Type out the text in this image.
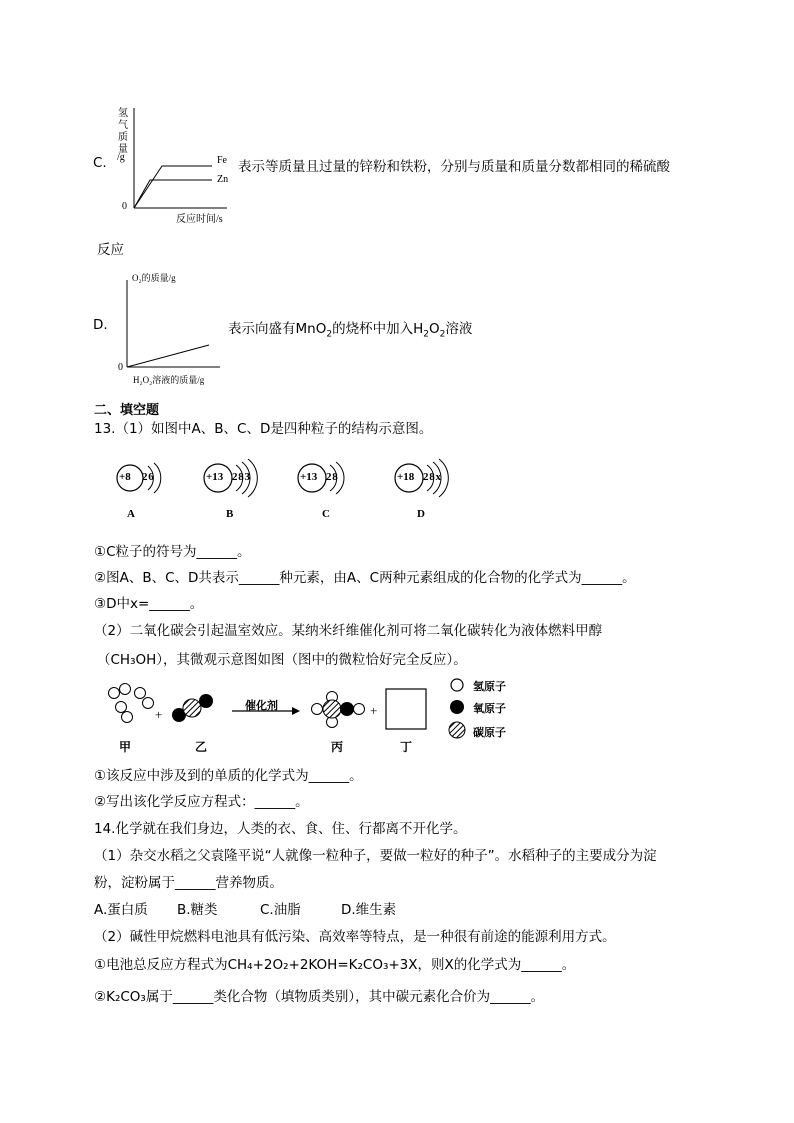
氢
气
质
量
/g
0
反应时间/s
Fe
Zn
C.	表示等质量且过量的锌粉和铁粉，分别与质量和质量分数都相同的稀硫酸
反应
O₂的质量/g
0
H₂O₂溶液的质量/g
D.	表示向盛有MnO$_2$的烧杯中加入$H_2O_2$溶液
二、填空题
13.（1）如图中A、B、C、D是四种粒子的结构示意图。
+8 2 6
A
+13 2 8 3
B
+13 2 8
C
+18 2 8 x
D
①C粒子的符号为______。
②图A、B、C、D共表示______种元素，由A、C两种元素组成的化合物的化学式为______。
③D中x=______。
（2）二氧化碳会引起温室效应。某纳米纤维催化剂可将二氧化碳转化为液体燃料甲醇
（CH₃OH），其微观示意图如图（图中的微粒恰好完全反应）。
+	+
催化剂
甲	乙	丙	丁
氢原子
氧原子
碳原子
①该反应中涉及到的单质的化学式为______。
②写出该化学反应方程式：______。
14.化学就在我们身边，人类的衣、食、住、行都离不开化学。
（1）杂交水稻之父袁隆平说“人就像一粒种子，要做一粒好的种子”。水稻种子的主要成分为淀
粉，淀粉属于______营养物质。
A.蛋白质 B.糖类	C.油脂	D.维生素
（2）碱性甲烷燃料电池具有低污染、高效率等特点，是一种很有前途的能源利用方式。
①电池总反应方程式为CH₄+2O₂+2KOH=K₂CO₃+3X，则X的化学式为______。
②K₂CO₃属于______类化合物（填物质类别），其中碳元素化合价为______。
